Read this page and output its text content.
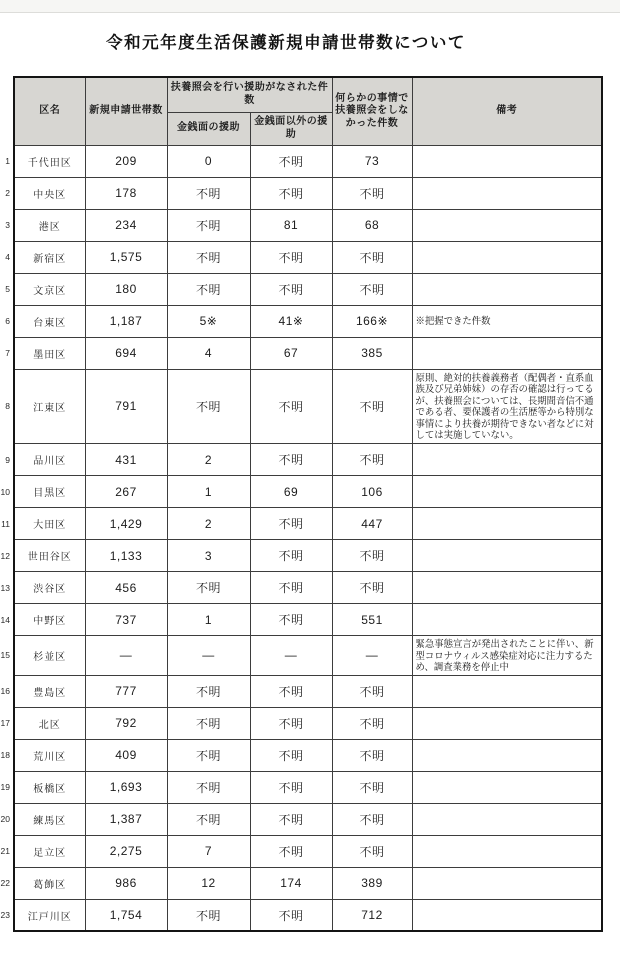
令和元年度生活保護新規申請世帯数について
	区名	新規申請世帯数	扶養照会を行い援助がなされた件数		何らかの事情で扶養照会をしなかった件数	備考
			金銭面の援助	金銭面以外の援助		
1	千代田区	209	0	不明	73	
2	中央区	178	不明	不明	不明	
3	港区	234	不明	81	68	
4	新宿区	1,575	不明	不明	不明	
5	文京区	180	不明	不明	不明	
6	台東区	1,187	5※	41※	166※	※把握できた件数
7	墨田区	694	4	67	385	
8	江東区	791	不明	不明	不明	原則、絶対的扶養義務者（配偶者・直系血族及び兄弟姉妹）の存否の確認は行ってるが、扶養照会については、長期間音信不通である者、要保護者の生活歴等から特別な事情により扶養が期待できない者などに対しては実施していない。
9	品川区	431	2	不明	不明	
10	目黒区	267	1	69	106	
11	大田区	1,429	2	不明	447	
12	世田谷区	1,133	3	不明	不明	
13	渋谷区	456	不明	不明	不明	
14	中野区	737	1	不明	551	
15	杉並区	—	—	—	—	緊急事態宣言が発出されたことに伴い、新型コロナウィルス感染症対応に注力するため、調査業務を停止中
16	豊島区	777	不明	不明	不明	
17	北区	792	不明	不明	不明	
18	荒川区	409	不明	不明	不明	
19	板橋区	1,693	不明	不明	不明	
20	練馬区	1,387	不明	不明	不明	
21	足立区	2,275	7	不明	不明	
22	葛飾区	986	12	174	389	
23	江戸川区	1,754	不明	不明	712	
